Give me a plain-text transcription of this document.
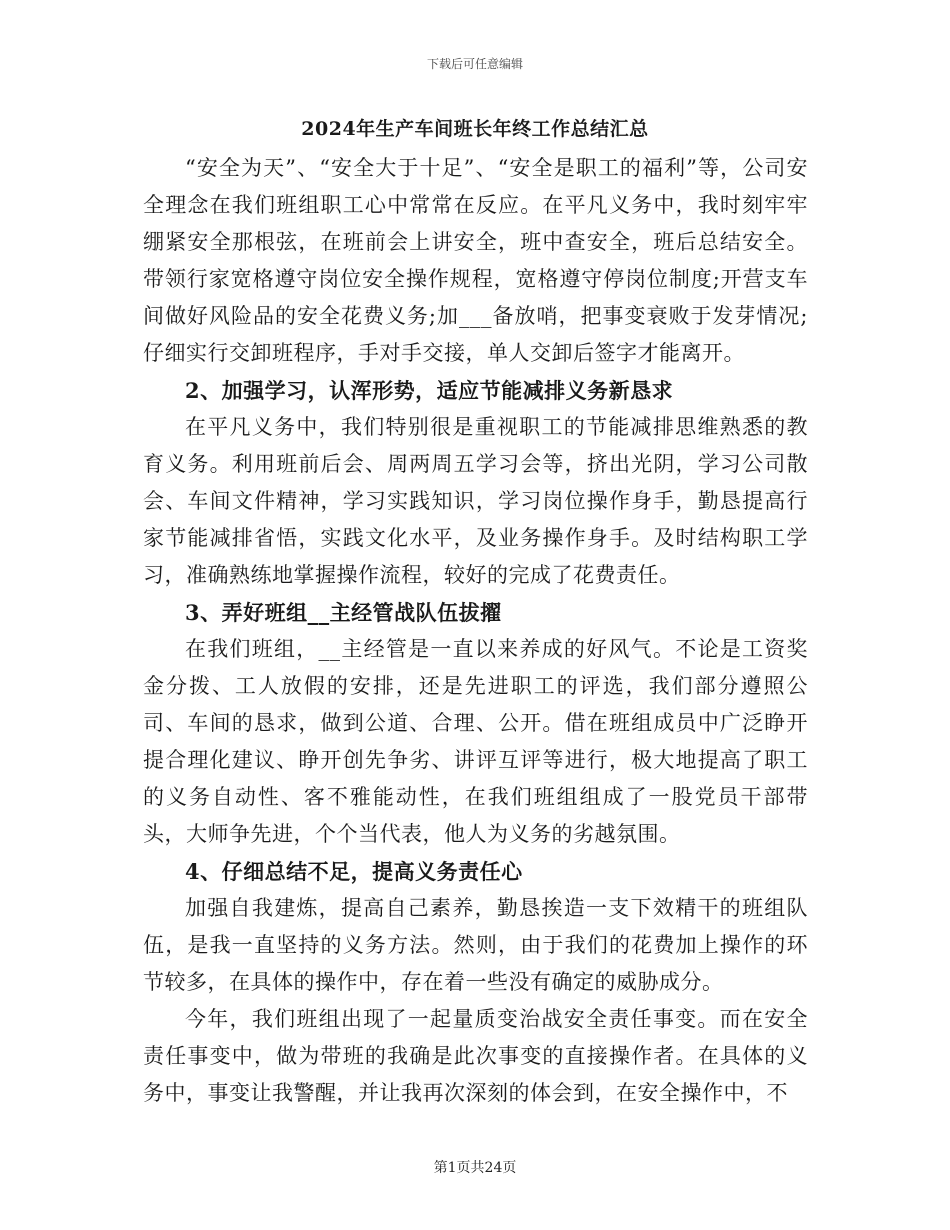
下载后可任意编辑
2024年生产车间班长年终工作总结汇总

“安全为天”、“安全大于十足”、“安全是职工的福利”等，公司安全理念在我们班组职工心中常常在反应。在平凡义务中，我时刻牢牢绷紧安全那根弦，在班前会上讲安全，班中查安全，班后总结安全。带领行家宽格遵守岗位安全操作规程，宽格遵守停岗位制度;开营支车间做好风险品的安全花费义务;加___备放哨，把事变衰败于发芽情况;仔细实行交卸班程序，手对手交接，单人交卸后签字才能离开。

2、加强学习，认浑形势，适应节能减排义务新恳求

在平凡义务中，我们特别很是重视职工的节能减排思维熟悉的教育义务。利用班前后会、周两周五学习会等，挤出光阴，学习公司散会、车间文件精神，学习实践知识，学习岗位操作身手，勤恳提高行家节能减排省悟，实践文化水平，及业务操作身手。及时结构职工学习，准确熟练地掌握操作流程，较好的完成了花费责任。

3、弄好班组__主经管战队伍拔擢

在我们班组，__主经管是一直以来养成的好风气。不论是工资奖金分拨、工人放假的安排，还是先进职工的评选，我们部分遵照公司、车间的恳求，做到公道、合理、公开。借在班组成员中广泛睁开提合理化建议、睁开创先争劣、讲评互评等进行，极大地提高了职工的义务自动性、客不雅能动性，在我们班组组成了一股党员干部带头，大师争先进，个个当代表，他人为义务的劣越氛围。

4、仔细总结不足，提高义务责任心

加强自我建炼，提高自己素养，勤恳挨造一支下效精干的班组队伍，是我一直坚持的义务方法。然则，由于我们的花费加上操作的环节较多，在具体的操作中，存在着一些没有确定的威胁成分。

今年，我们班组出现了一起量质变治战安全责任事变。而在安全责任事变中，做为带班的我确是此次事变的直接操作者。在具体的义务中，事变让我警醒，并让我再次深刻的体会到，在安全操作中，不

第1页共24页
